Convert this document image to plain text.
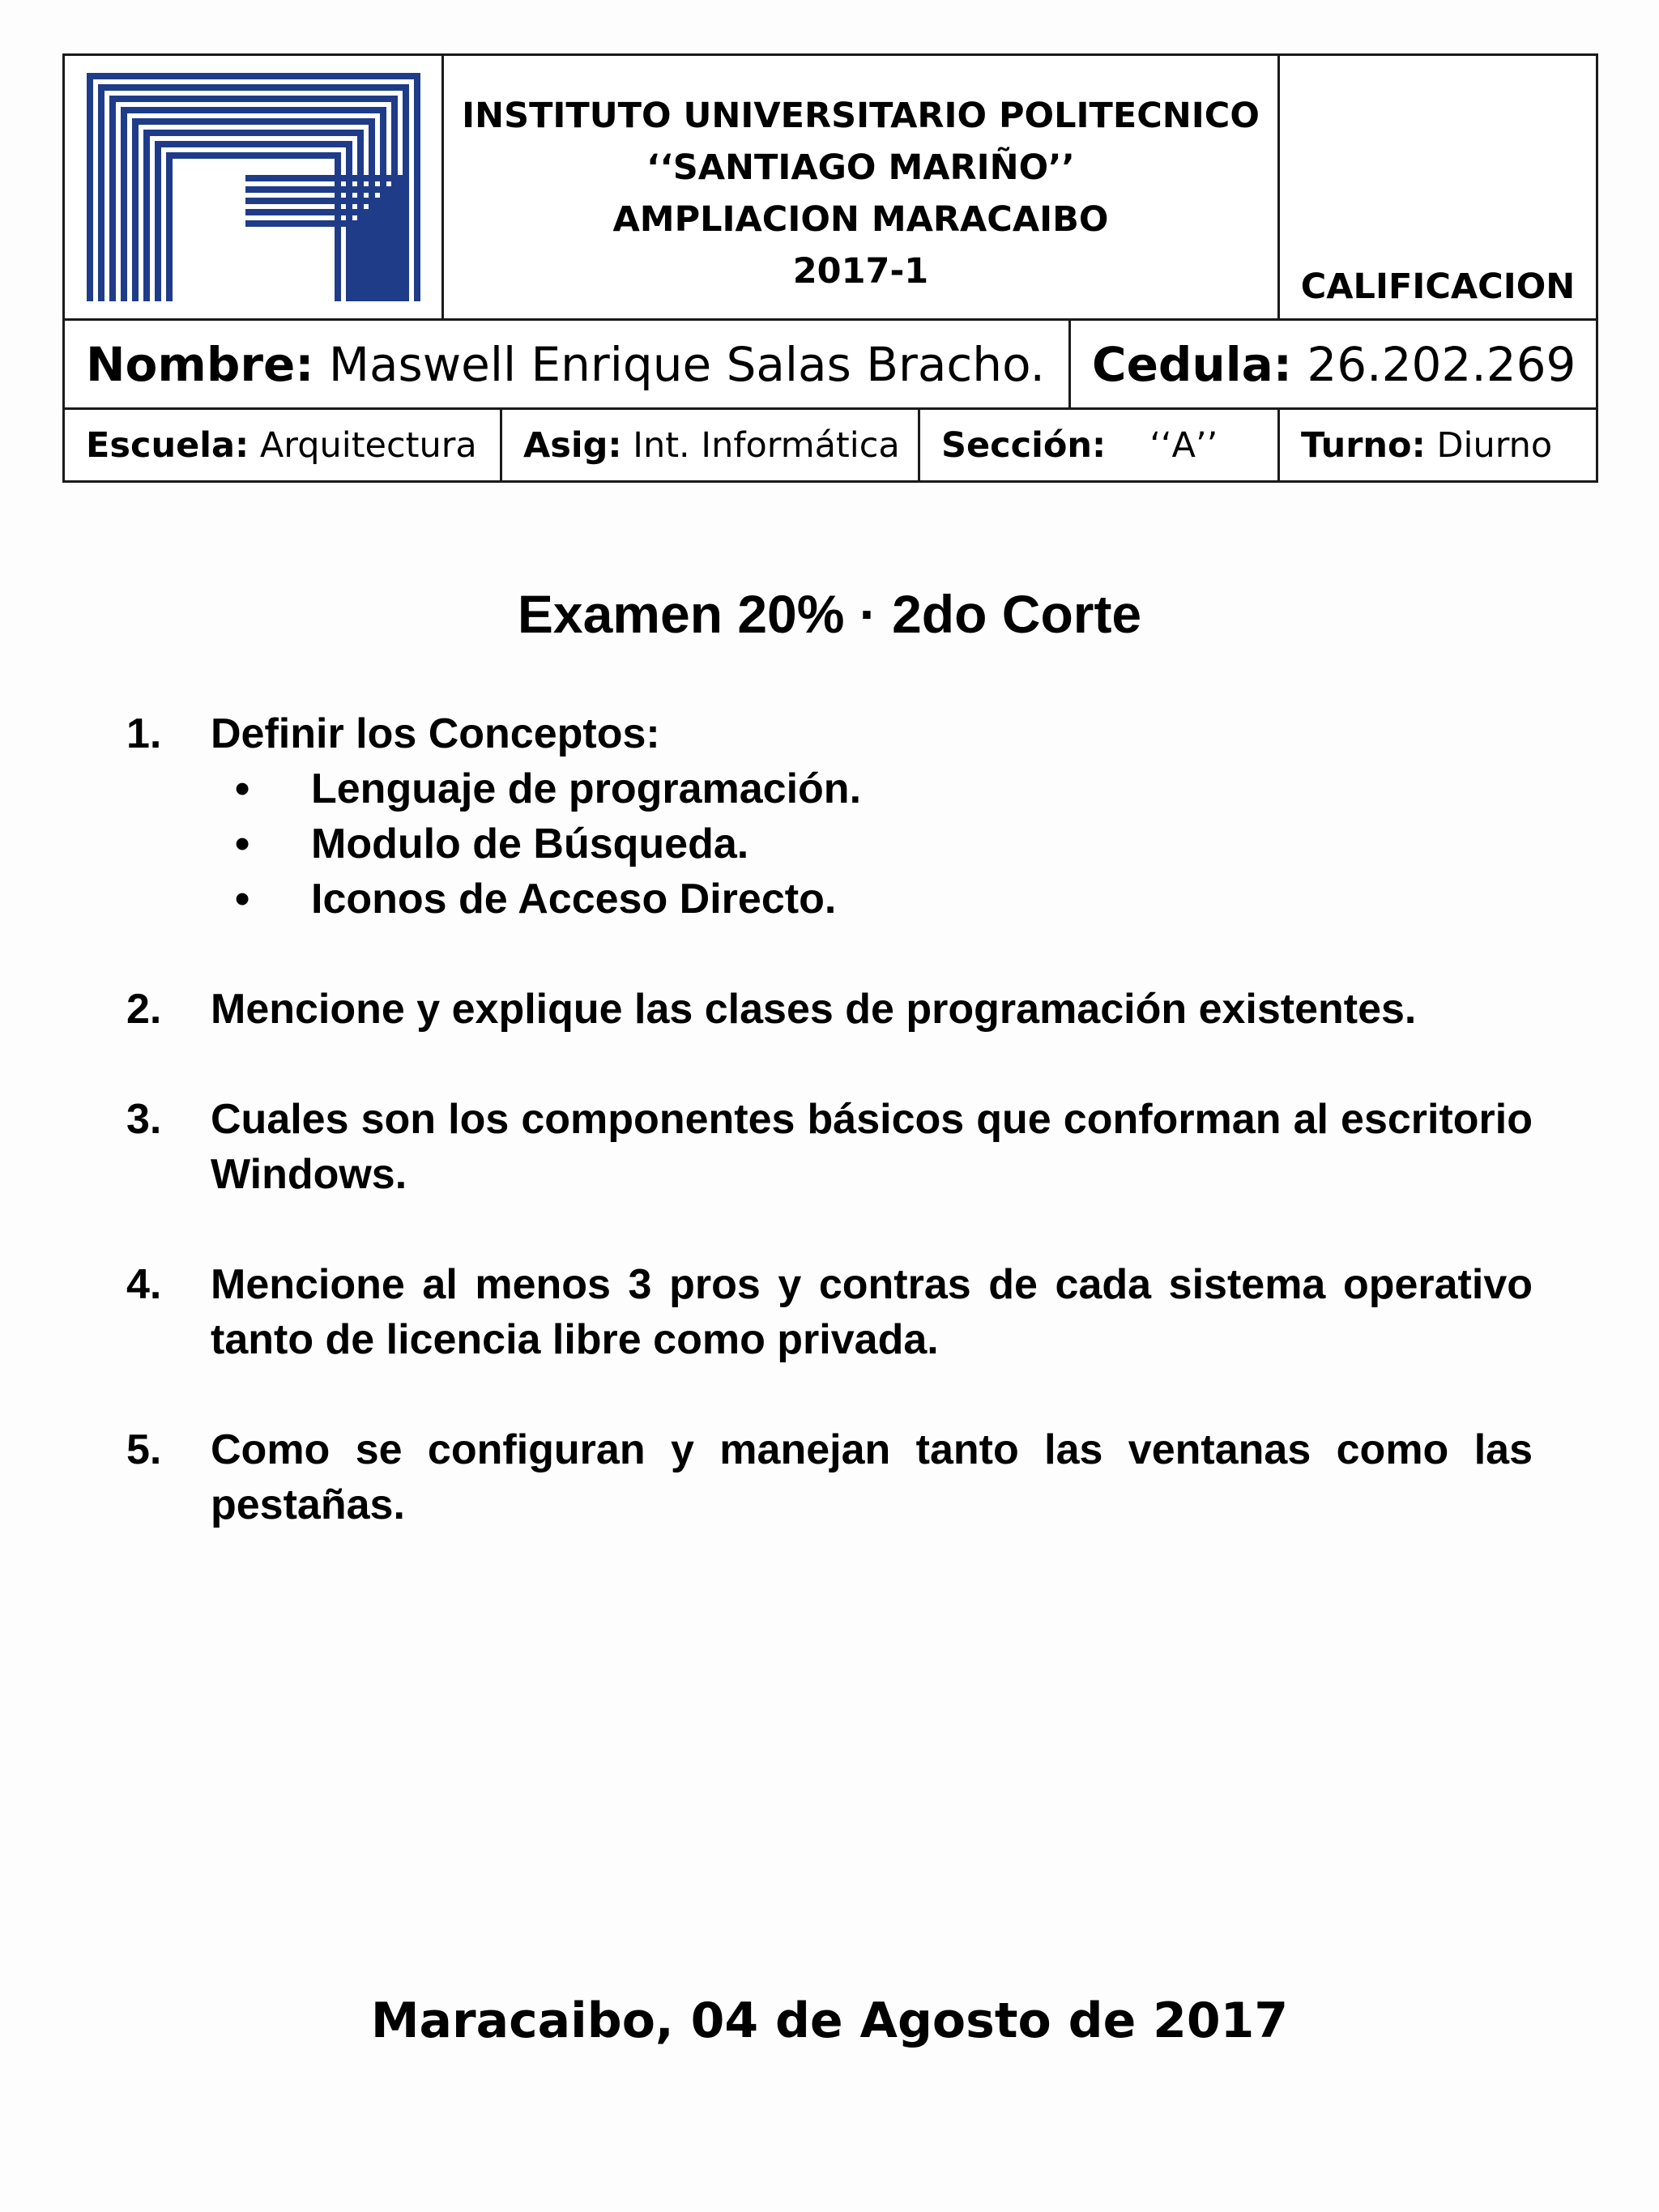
INSTITUTO UNIVERSITARIO POLITECNICO
‘‘SANTIAGO MARIÑO’’
AMPLIACION MARACAIBO
2017-1	CALIFICACION
Nombre: Maswell Enrique Salas Bracho. Cedula: 26.202.269
Escuela: Arquitectura Asig: Int. Informática Sección: ‘‘A’’ Turno: Diurno
Examen 20% · 2do Corte
1.	Definir los Conceptos:
•	Lenguaje de programación.
•	Modulo de Búsqueda.
•	Iconos de Acceso Directo.
2.	Mencione y explique las clases de programación existentes.
3.	Cuales son los componentes básicos que conforman al escritorio Windows.
4.	Mencione al menos 3 pros y contras de cada sistema operativo tanto de licencia libre como privada.
5.	Como se configuran y manejan tanto las ventanas como las pestañas.
Maracaibo, 04 de Agosto de 2017
